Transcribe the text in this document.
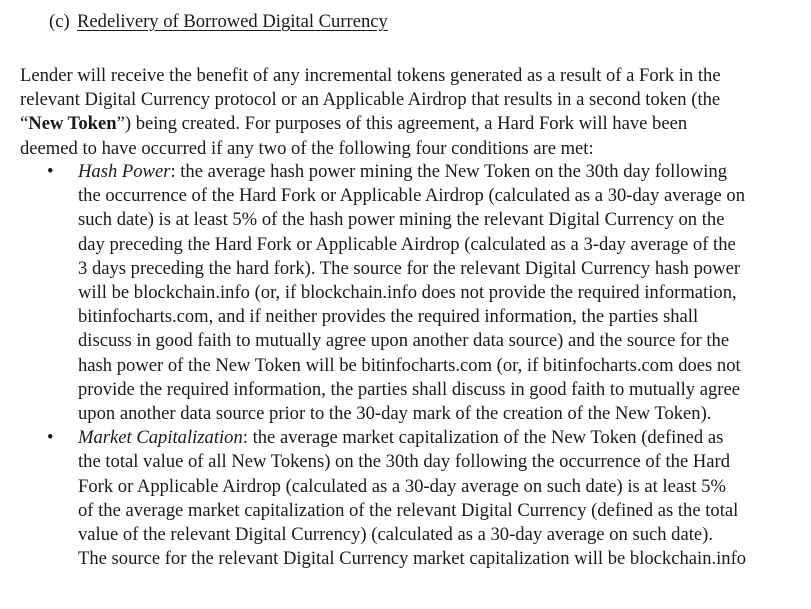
(c) Redelivery of Borrowed Digital Currency
Lender will receive the benefit of any incremental tokens generated as a result of a Fork in the
relevant Digital Currency protocol or an Applicable Airdrop that results in a second token (the
“New Token”) being created. For purposes of this agreement, a Hard Fork will have been
deemed to have occurred if any two of the following four conditions are met:
• Hash Power: the average hash power mining the New Token on the 30th day following
the occurrence of the Hard Fork or Applicable Airdrop (calculated as a 30-day average on
such date) is at least 5% of the hash power mining the relevant Digital Currency on the
day preceding the Hard Fork or Applicable Airdrop (calculated as a 3-day average of the
3 days preceding the hard fork). The source for the relevant Digital Currency hash power
will be blockchain.info (or, if blockchain.info does not provide the required information,
bitinfocharts.com, and if neither provides the required information, the parties shall
discuss in good faith to mutually agree upon another data source) and the source for the
hash power of the New Token will be bitinfocharts.com (or, if bitinfocharts.com does not
provide the required information, the parties shall discuss in good faith to mutually agree
upon another data source prior to the 30-day mark of the creation of the New Token).
• Market Capitalization: the average market capitalization of the New Token (defined as
the total value of all New Tokens) on the 30th day following the occurrence of the Hard
Fork or Applicable Airdrop (calculated as a 30-day average on such date) is at least 5%
of the average market capitalization of the relevant Digital Currency (defined as the total
value of the relevant Digital Currency) (calculated as a 30-day average on such date).
The source for the relevant Digital Currency market capitalization will be blockchain.info
